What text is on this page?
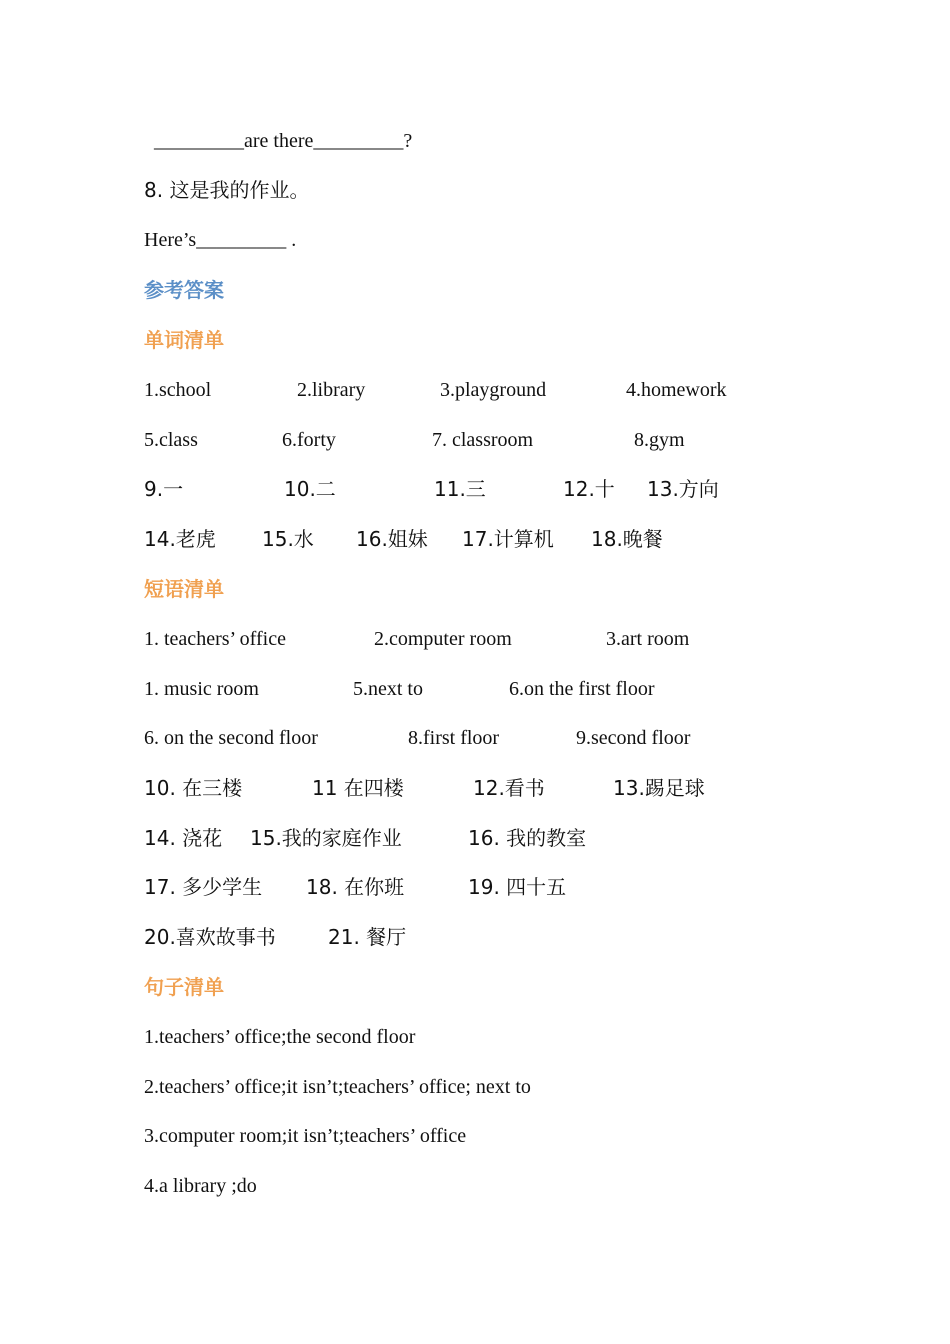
_________are there_________?
8. 这是我的作业。
Here’s_________ .
参考答案
单词清单
1.school	2.library	3.playground	4.homework
5.class	6.forty	7. classroom	8.gym
9.一	10.二	11.三	12.十 13.方向
14.老虎 15.水 16.姐妹 17.计算机 18.晚餐
短语清单
1. teachers’ office	2.computer room	3.art room
1. music room	5.next to	6.on the first floor
6. on the second floor	8.first floor	9.second floor
10. 在三楼	11 在四楼	12.看书	13.踢足球
14. 浇花 15.我的家庭作业	16. 我的教室
17. 多少学生 18. 在你班	19. 四十五
20.喜欢故事书	21. 餐厅
句子清单
1.teachers’ office;the second floor
2.teachers’ office;it isn’t;teachers’ office; next to
3.computer room;it isn’t;teachers’ office
4.a library ;do
